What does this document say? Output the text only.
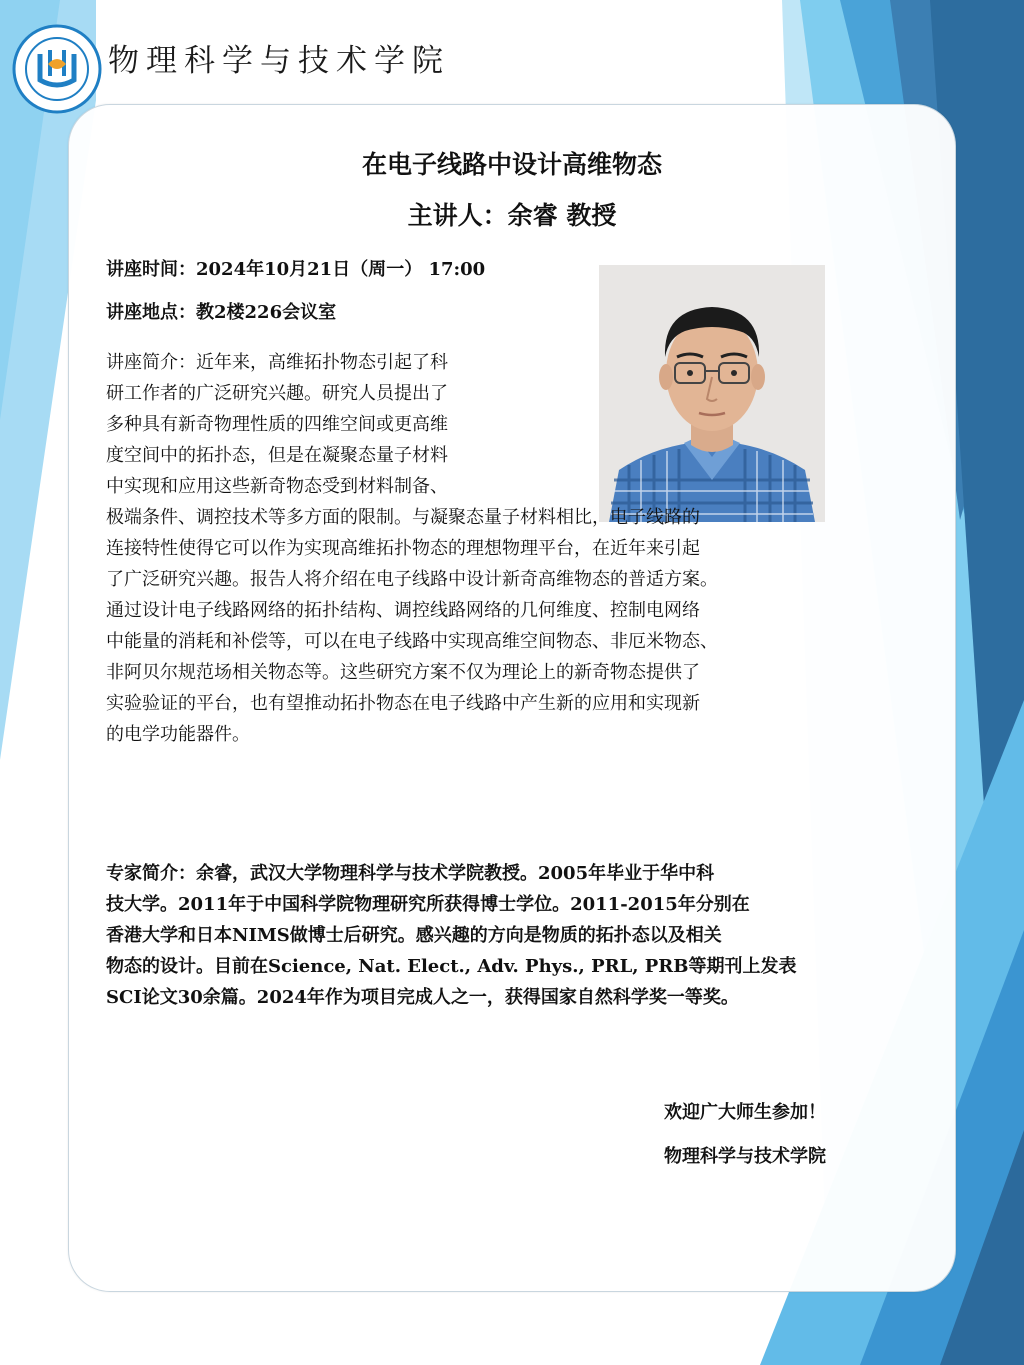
物理科学与技术学院
在电子线路中设计高维物态
主讲人：余睿 教授
讲座时间：2024年10月21日（周一） 17:00
讲座地点：教2楼226会议室
讲座简介：近年来，高维拓扑物态引起了科
研工作者的广泛研究兴趣。研究人员提出了
多种具有新奇物理性质的四维空间或更高维
度空间中的拓扑态，但是在凝聚态量子材料
中实现和应用这些新奇物态受到材料制备、
极端条件、调控技术等多方面的限制。与凝聚态量子材料相比，电子线路的
连接特性使得它可以作为实现高维拓扑物态的理想物理平台，在近年来引起
了广泛研究兴趣。报告人将介绍在电子线路中设计新奇高维物态的普适方案。
通过设计电子线路网络的拓扑结构、调控线路网络的几何维度、控制电网络
中能量的消耗和补偿等，可以在电子线路中实现高维空间物态、非厄米物态、
非阿贝尔规范场相关物态等。这些研究方案不仅为理论上的新奇物态提供了
实验验证的平台，也有望推动拓扑物态在电子线路中产生新的应用和实现新
的电学功能器件。
专家简介：余睿，武汉大学物理科学与技术学院教授。2005年毕业于华中科
技大学。2011年于中国科学院物理研究所获得博士学位。2011-2015年分别在
香港大学和日本NIMS做博士后研究。感兴趣的方向是物质的拓扑态以及相关
物态的设计。目前在Science, Nat. Elect., Adv. Phys., PRL, PRB等期刊上发表
SCI论文30余篇。2024年作为项目完成人之一，获得国家自然科学奖一等奖。
欢迎广大师生参加！
物理科学与技术学院
